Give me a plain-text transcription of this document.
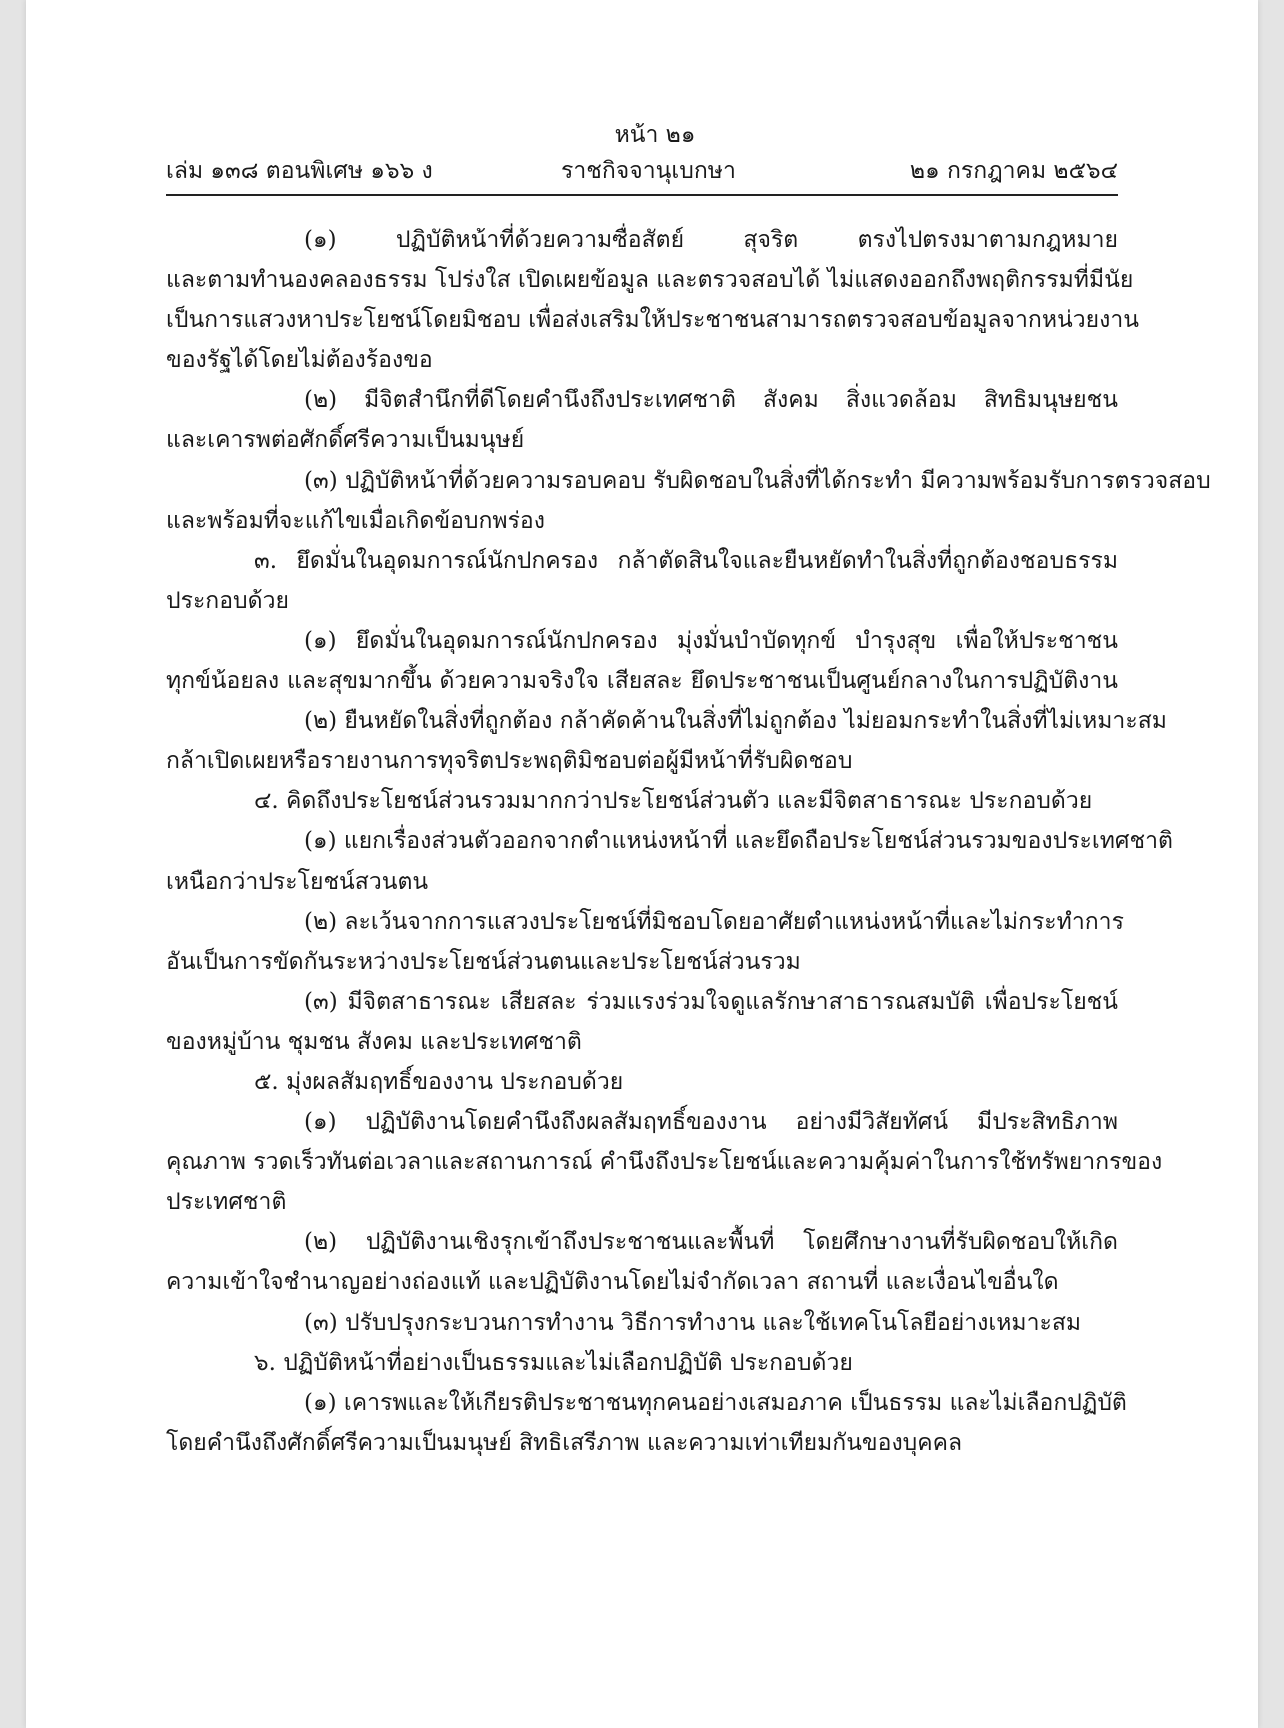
หน้า ๒๑
เล่ม ๑๓๘ ตอนพิเศษ ๑๖๖ ง	ราชกิจจานุเบกษา	๒๑ กรกฎาคม ๒๕๖๔
(๑) ปฏิบัติหน้าที่ด้วยความซื่อสัตย์ สุจริต ตรงไปตรงมาตามกฎหมาย
และตามทำนองคลองธรรม โปร่งใส เปิดเผยข้อมูล และตรวจสอบได้ ไม่แสดงออกถึงพฤติกรรมที่มีนัย
เป็นการแสวงหาประโยชน์โดยมิชอบ เพื่อส่งเสริมให้ประชาชนสามารถตรวจสอบข้อมูลจากหน่วยงาน
ของรัฐได้โดยไม่ต้องร้องขอ
(๒) มีจิตสำนึกที่ดีโดยคำนึงถึงประเทศชาติ สังคม สิ่งแวดล้อม สิทธิมนุษยชน
และเคารพต่อศักดิ์ศรีความเป็นมนุษย์
(๓) ปฏิบัติหน้าที่ด้วยความรอบคอบ รับผิดชอบในสิ่งที่ได้กระทำ มีความพร้อมรับการตรวจสอบ
และพร้อมที่จะแก้ไขเมื่อเกิดข้อบกพร่อง
๓. ยึดมั่นในอุดมการณ์นักปกครอง กล้าตัดสินใจและยืนหยัดทำในสิ่งที่ถูกต้องชอบธรรม
ประกอบด้วย
(๑) ยึดมั่นในอุดมการณ์นักปกครอง มุ่งมั่นบำบัดทุกข์ บำรุงสุข เพื่อให้ประชาชน
ทุกข์น้อยลง และสุขมากขึ้น ด้วยความจริงใจ เสียสละ ยึดประชาชนเป็นศูนย์กลางในการปฏิบัติงาน
(๒) ยืนหยัดในสิ่งที่ถูกต้อง กล้าคัดค้านในสิ่งที่ไม่ถูกต้อง ไม่ยอมกระทำในสิ่งที่ไม่เหมาะสม
กล้าเปิดเผยหรือรายงานการทุจริตประพฤติมิชอบต่อผู้มีหน้าที่รับผิดชอบ
๔. คิดถึงประโยชน์ส่วนรวมมากกว่าประโยชน์ส่วนตัว และมีจิตสาธารณะ ประกอบด้วย
(๑) แยกเรื่องส่วนตัวออกจากตำแหน่งหน้าที่ และยึดถือประโยชน์ส่วนรวมของประเทศชาติ
เหนือกว่าประโยชน์สวนตน
(๒) ละเว้นจากการแสวงประโยชน์ที่มิชอบโดยอาศัยตำแหน่งหน้าที่และไม่กระทำการ
อันเป็นการขัดกันระหว่างประโยชน์ส่วนตนและประโยชน์ส่วนรวม
(๓) มีจิตสาธารณะ เสียสละ ร่วมแรงร่วมใจดูแลรักษาสาธารณสมบัติ เพื่อประโยชน์
ของหมู่บ้าน ชุมชน สังคม และประเทศชาติ
๕. มุ่งผลสัมฤทธิ์ของงาน ประกอบด้วย
(๑) ปฏิบัติงานโดยคำนึงถึงผลสัมฤทธิ์ของงาน อย่างมีวิสัยทัศน์ มีประสิทธิภาพ
คุณภาพ รวดเร็วทันต่อเวลาและสถานการณ์ คำนึงถึงประโยชน์และความคุ้มค่าในการใช้ทรัพยากรของ
ประเทศชาติ
(๒) ปฏิบัติงานเชิงรุกเข้าถึงประชาชนและพื้นที่ โดยศึกษางานที่รับผิดชอบให้เกิด
ความเข้าใจชำนาญอย่างถ่องแท้ และปฏิบัติงานโดยไม่จำกัดเวลา สถานที่ และเงื่อนไขอื่นใด
(๓) ปรับปรุงกระบวนการทำงาน วิธีการทำงาน และใช้เทคโนโลยีอย่างเหมาะสม
๖. ปฏิบัติหน้าที่อย่างเป็นธรรมและไม่เลือกปฏิบัติ ประกอบด้วย
(๑) เคารพและให้เกียรติประชาชนทุกคนอย่างเสมอภาค เป็นธรรม และไม่เลือกปฏิบัติ
โดยคำนึงถึงศักดิ์ศรีความเป็นมนุษย์ สิทธิเสรีภาพ และความเท่าเทียมกันของบุคคล
